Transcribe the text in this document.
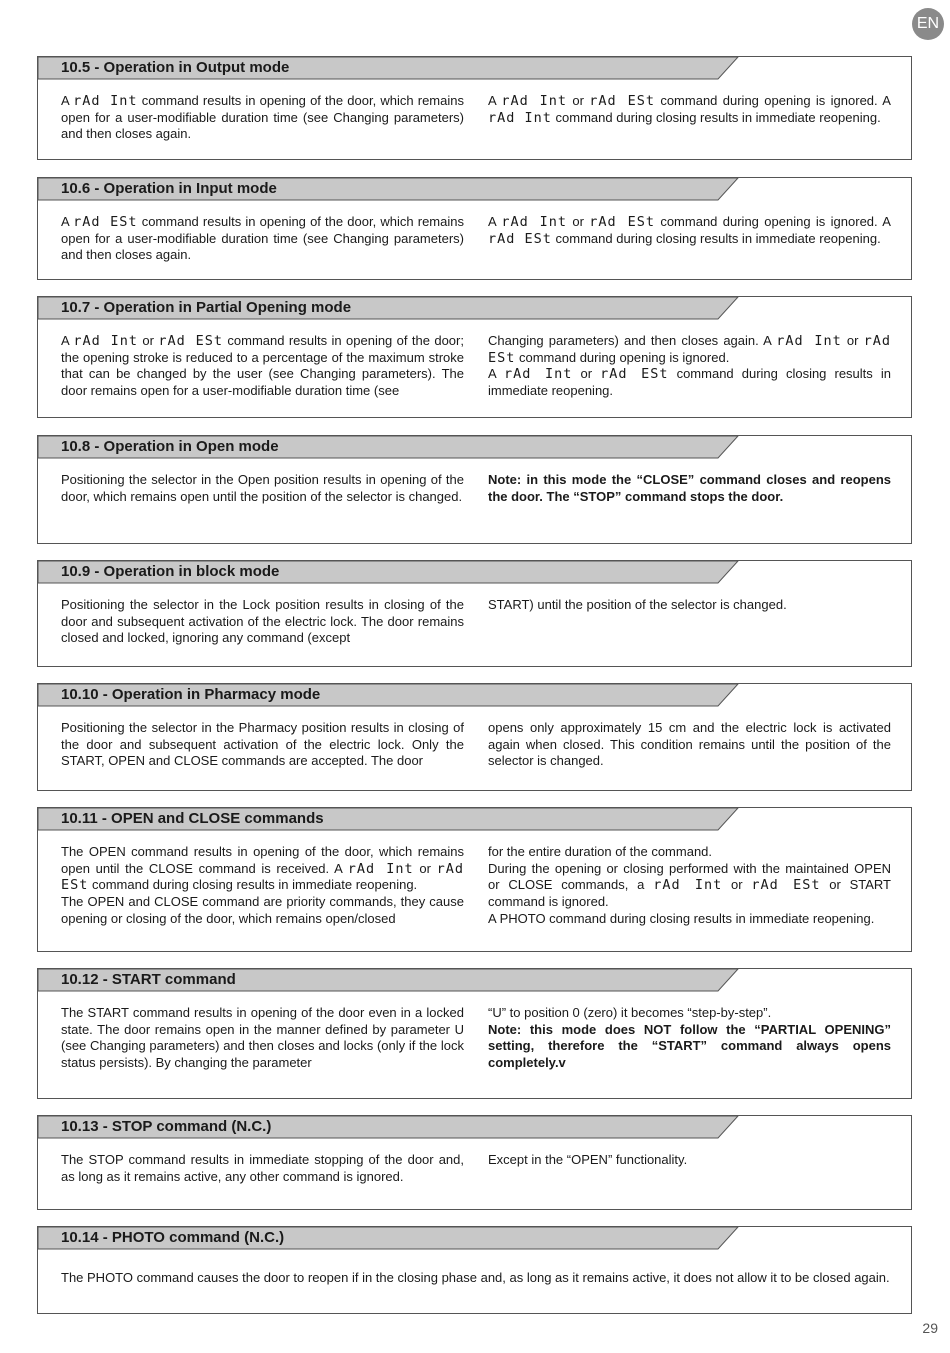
EN
10.5 - Operation in Output mode
A rAd Int command results in opening of the door, which remains open for a user-modifiable duration time (see Changing parameters) and then closes again.
A rAd Int or rAd ESt command during opening is ignored. A rAd Int command during closing results in immediate reopening.
10.6 - Operation in Input mode
A rAd ESt command results in opening of the door, which remains open for a user-modifiable duration time (see Changing parameters) and then closes again.
A rAd Int or rAd ESt command during opening is ignored. A rAd ESt command during closing results in immediate reopening.
10.7 - Operation in Partial Opening mode
A rAd Int or rAd ESt command results in opening of the door; the opening stroke is reduced to a percentage of the maximum stroke that can be changed by the user (see Changing parameters). The door remains open for a user-modifiable duration time (see
Changing parameters) and then closes again. A rAd Int or rAd ESt command during opening is ignored.
A rAd Int or rAd ESt command during closing results in immediate reopening.
10.8 - Operation in Open mode
Positioning the selector in the Open position results in opening of the door, which remains open until the position of the selector is changed.
Note: in this mode the “CLOSE” command closes and reopens the door. The “STOP” command stops the door.
10.9 - Operation in block mode
Positioning the selector in the Lock position results in closing of the door and subsequent activation of the electric lock. The door remains closed and locked, ignoring any command (except
START) until the position of the selector is changed.
10.10 - Operation in Pharmacy mode
Positioning the selector in the Pharmacy position results in closing of the door and subsequent activation of the electric lock. Only the START, OPEN and CLOSE commands are accepted. The door
opens only approximately 15 cm and the electric lock is activated again when closed. This condition remains until the position of the selector is changed.
10.11 - OPEN and CLOSE commands
The OPEN command results in opening of the door, which remains open until the CLOSE command is received. A rAd Int or rAd ESt command during closing results in immediate reopening.
The OPEN and CLOSE command are priority commands, they cause opening or closing of the door, which remains open/closed
for the entire duration of the command.
During the opening or closing performed with the maintained OPEN or CLOSE commands, a rAd Int or rAd ESt or START command is ignored.
A PHOTO command during closing results in immediate reopening.
10.12 - START command
The START command results in opening of the door even in a locked state. The door remains open in the manner defined by parameter U (see Changing parameters) and then closes and locks (only if the lock status persists). By changing the parameter
“U” to position 0 (zero) it becomes “step-by-step”.
Note: this mode does NOT follow the “PARTIAL OPENING” setting, therefore the “START” command always opens completely.v
10.13 - STOP command (N.C.)
The STOP command results in immediate stopping of the door and, as long as it remains active, any other command is ignored.
Except in the “OPEN” functionality.
10.14 - PHOTO command (N.C.)
The PHOTO command causes the door to reopen if in the closing phase and, as long as it remains active, it does not allow it to be closed again.
29
